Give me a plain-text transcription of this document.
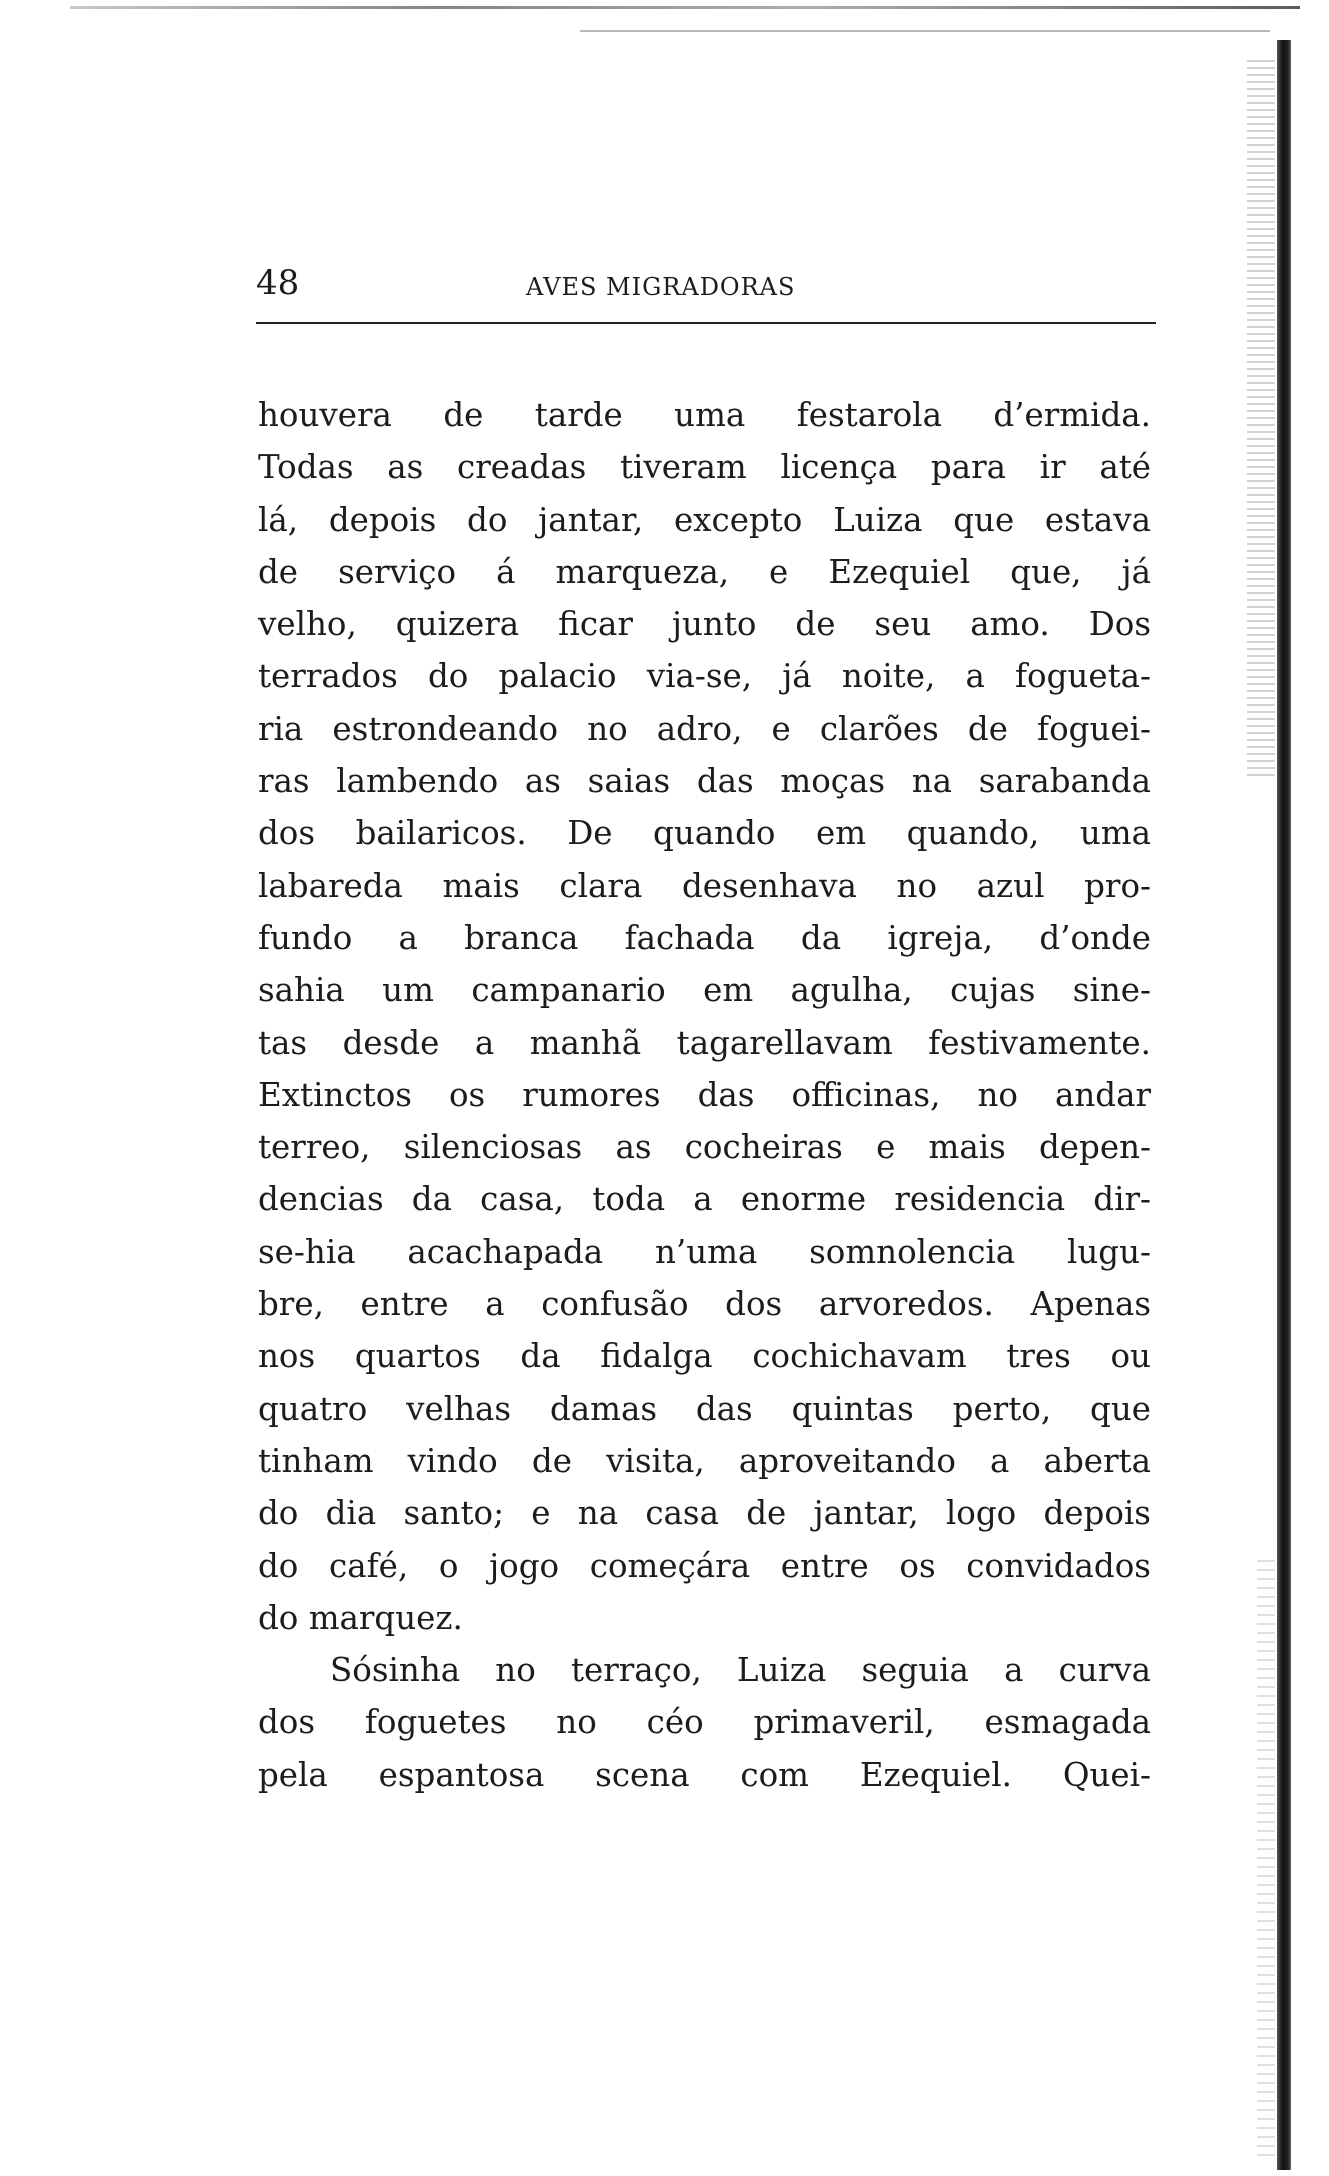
48	AVES MIGRADORAS
houvera de tarde uma festarola d’ermida.
Todas as creadas tiveram licença para ir até
lá, depois do jantar, excepto Luiza que estava
de serviço á marqueza, e Ezequiel que, já
velho, quizera ficar junto de seu amo. Dos
terrados do palacio via-se, já noite, a fogueta-
ria estrondeando no adro, e clarões de foguei-
ras lambendo as saias das moças na sarabanda
dos bailaricos. De quando em quando, uma
labareda mais clara desenhava no azul pro-
fundo a branca fachada da igreja, d’onde
sahia um campanario em agulha, cujas sine-
tas desde a manhã tagarellavam festivamente.
Extinctos os rumores das officinas, no andar
terreo, silenciosas as cocheiras e mais depen-
dencias da casa, toda a enorme residencia dir-
se-hia acachapada n’uma somnolencia lugu-
bre, entre a confusão dos arvoredos. Apenas
nos quartos da fidalga cochichavam tres ou
quatro velhas damas das quintas perto, que
tinham vindo de visita, aproveitando a aberta
do dia santo; e na casa de jantar, logo depois
do café, o jogo começára entre os convidados
do marquez.
Sósinha no terraço, Luiza seguia a curva
dos foguetes no céo primaveril, esmagada
pela espantosa scena com Ezequiel. Quei-
